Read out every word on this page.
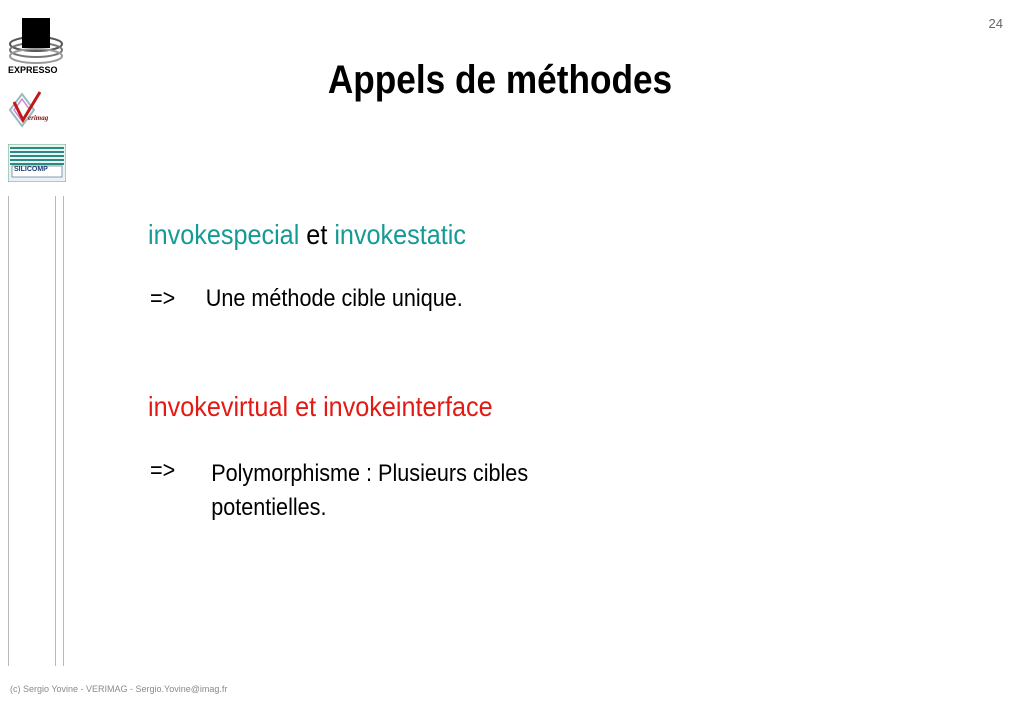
EXPRESSO
erimag
SILICOMP
24
Appels de méthodes
invokespecial et invokestatic
=> Une méthode cible unique.
invokevirtual et invokeinterface
=> Polymorphisme : Plusieurs cibles
potentielles.
(c) Sergio Yovine - VERIMAG - Sergio.Yovine@imag.fr
